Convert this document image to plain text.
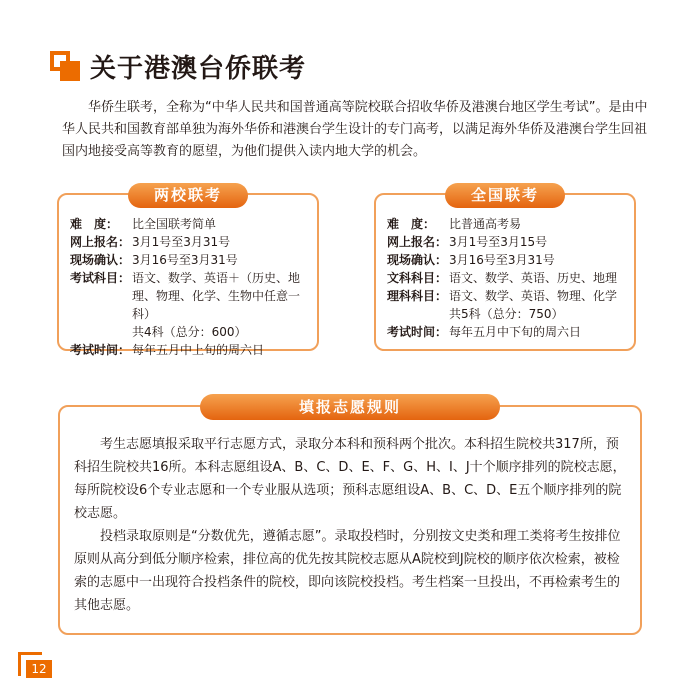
关于港澳台侨联考
华侨生联考，全称为“中华人民共和国普通高等院校联合招收华侨及港澳台地区学生考试”。是由中华人民共和国教育部单独为海外华侨和港澳台学生设计的专门高考，以满足海外华侨及港澳台学生回祖国内地接受高等教育的愿望，为他们提供入读内地大学的机会。
两校联考
难　度：	比全国联考简单
网上报名： 3月1号至3月31号
现场确认： 3月16号至3月31号
考试科目： 语文、数学、英语＋（历史、地理、物理、化学、生物中任意一科）
共4科（总分：600）
考试时间： 每年五月中上旬的周六日
全国联考
难　度：	比普通高考易
网上报名： 3月1号至3月15号
现场确认： 3月16号至3月31号
文科科目： 语文、数学、英语、历史、地理
理科科目： 语文、数学、英语、物理、化学共5科（总分：750）
考试时间： 每年五月中下旬的周六日
填报志愿规则

考生志愿填报采取平行志愿方式，录取分本科和预科两个批次。本科招生院校共317所，预科招生院校共16所。本科志愿组设A、B、C、D、E、F、G、H、I、J十个顺序排列的院校志愿，每所院校设6个专业志愿和一个专业服从选项；预科志愿组设A、B、C、D、E五个顺序排列的院校志愿。

投档录取原则是“分数优先，遵循志愿”。录取投档时，分别按文史类和理工类将考生按排位原则从高分到低分顺序检索，排位高的优先按其院校志愿从A院校到J院校的顺序依次检索，被检索的志愿中一出现符合投档条件的院校，即向该院校投档。考生档案一旦投出，不再检索考生的其他志愿。

12
